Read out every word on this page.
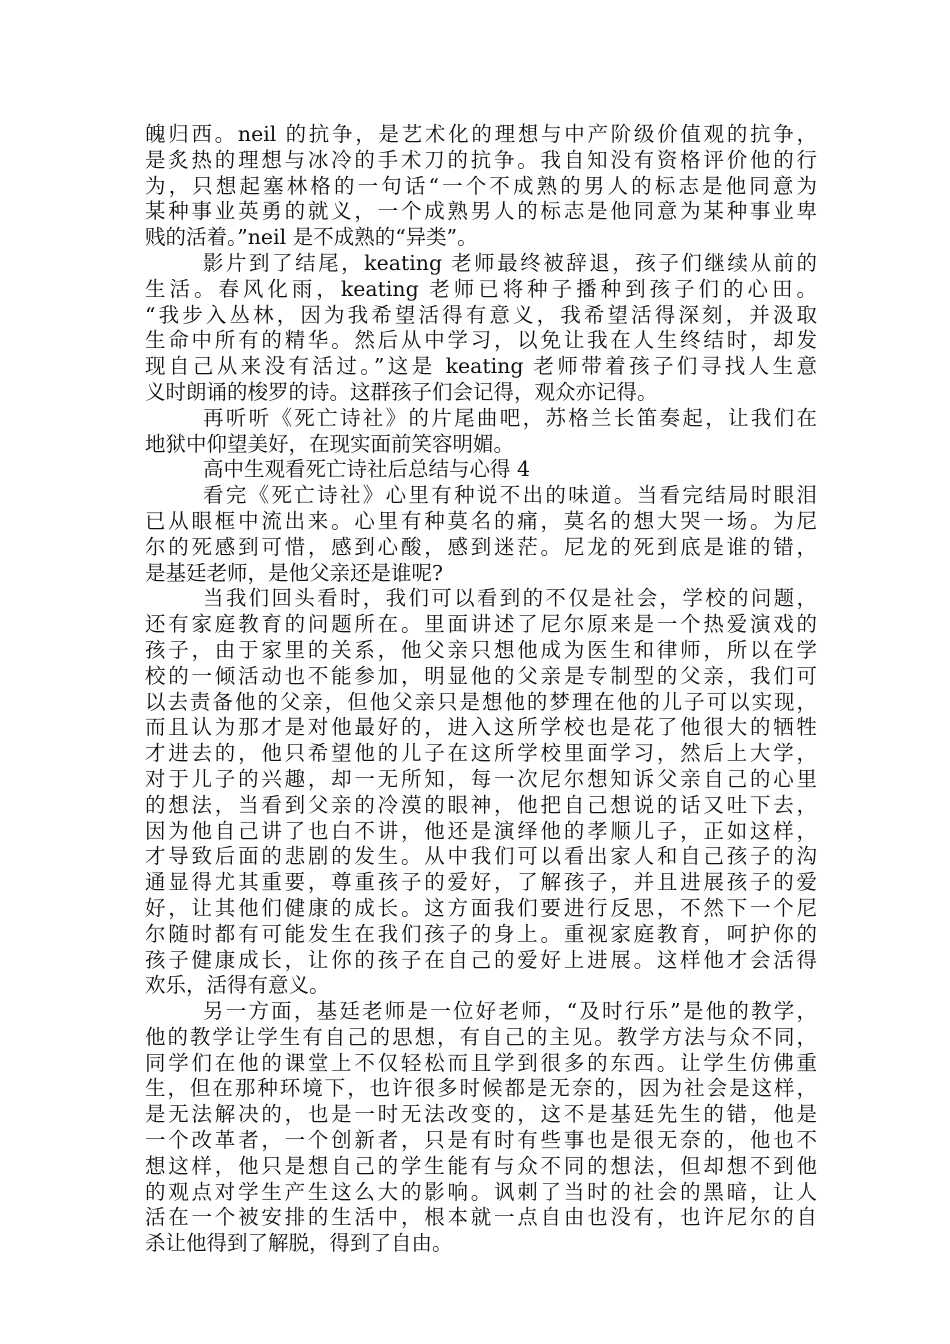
魄归西。neil 的抗争，是艺术化的理想与中产阶级价值观的抗争，
是炙热的理想与冰冷的手术刀的抗争。我自知没有资格评价他的行
为，只想起塞林格的一句话“一个不成熟的男人的标志是他同意为
某种事业英勇的就义，一个成熟男人的标志是他同意为某种事业卑
贱的活着。”neil 是不成熟的“异类”。
影片到了结尾，keating 老师最终被辞退，孩子们继续从前的
生活。春风化雨，keating 老师已将种子播种到孩子们的心田。
“我步入丛林，因为我希望活得有意义，我希望活得深刻，并汲取
生命中所有的精华。然后从中学习，以免让我在人生终结时，却发
现自己从来没有活过。”这是 keating 老师带着孩子们寻找人生意
义时朗诵的梭罗的诗。这群孩子们会记得，观众亦记得。
再听听《死亡诗社》的片尾曲吧，苏格兰长笛奏起，让我们在
地狱中仰望美好，在现实面前笑容明媚。
高中生观看死亡诗社后总结与心得 4
看完《死亡诗社》心里有种说不出的味道。当看完结局时眼泪
已从眼框中流出来。心里有种莫名的痛，莫名的想大哭一场。为尼
尔的死感到可惜，感到心酸，感到迷茫。尼龙的死到底是谁的错，
是基廷老师，是他父亲还是谁呢?
当我们回头看时，我们可以看到的不仅是社会，学校的问题，
还有家庭教育的问题所在。里面讲述了尼尔原来是一个热爱演戏的
孩子，由于家里的关系，他父亲只想他成为医生和律师，所以在学
校的一倾活动也不能参加，明显他的父亲是专制型的父亲，我们可
以去责备他的父亲，但他父亲只是想他的梦理在他的儿子可以实现，
而且认为那才是对他最好的，进入这所学校也是花了他很大的牺牲
才进去的，他只希望他的儿子在这所学校里面学习，然后上大学，
对于儿子的兴趣，却一无所知，每一次尼尔想知诉父亲自己的心里
的想法，当看到父亲的冷漠的眼神，他把自己想说的话又吐下去，
因为他自己讲了也白不讲，他还是演绎他的孝顺儿子，正如这样，
才导致后面的悲剧的发生。从中我们可以看出家人和自己孩子的沟
通显得尤其重要，尊重孩子的爱好，了解孩子，并且进展孩子的爱
好，让其他们健康的成长。这方面我们要进行反思，不然下一个尼
尔随时都有可能发生在我们孩子的身上。重视家庭教育，呵护你的
孩子健康成长，让你的孩子在自己的爱好上进展。这样他才会活得
欢乐，活得有意义。
另一方面，基廷老师是一位好老师，“及时行乐”是他的教学，
他的教学让学生有自己的思想，有自己的主见。教学方法与众不同，
同学们在他的课堂上不仅轻松而且学到很多的东西。让学生仿佛重
生，但在那种环境下，也许很多时候都是无奈的，因为社会是这样，
是无法解决的，也是一时无法改变的，这不是基廷先生的错，他是
一个改革者，一个创新者，只是有时有些事也是很无奈的，他也不
想这样，他只是想自己的学生能有与众不同的想法，但却想不到他
的观点对学生产生这么大的影响。讽刺了当时的社会的黑暗，让人
活在一个被安排的生活中，根本就一点自由也没有，也许尼尔的自
杀让他得到了解脱，得到了自由。
